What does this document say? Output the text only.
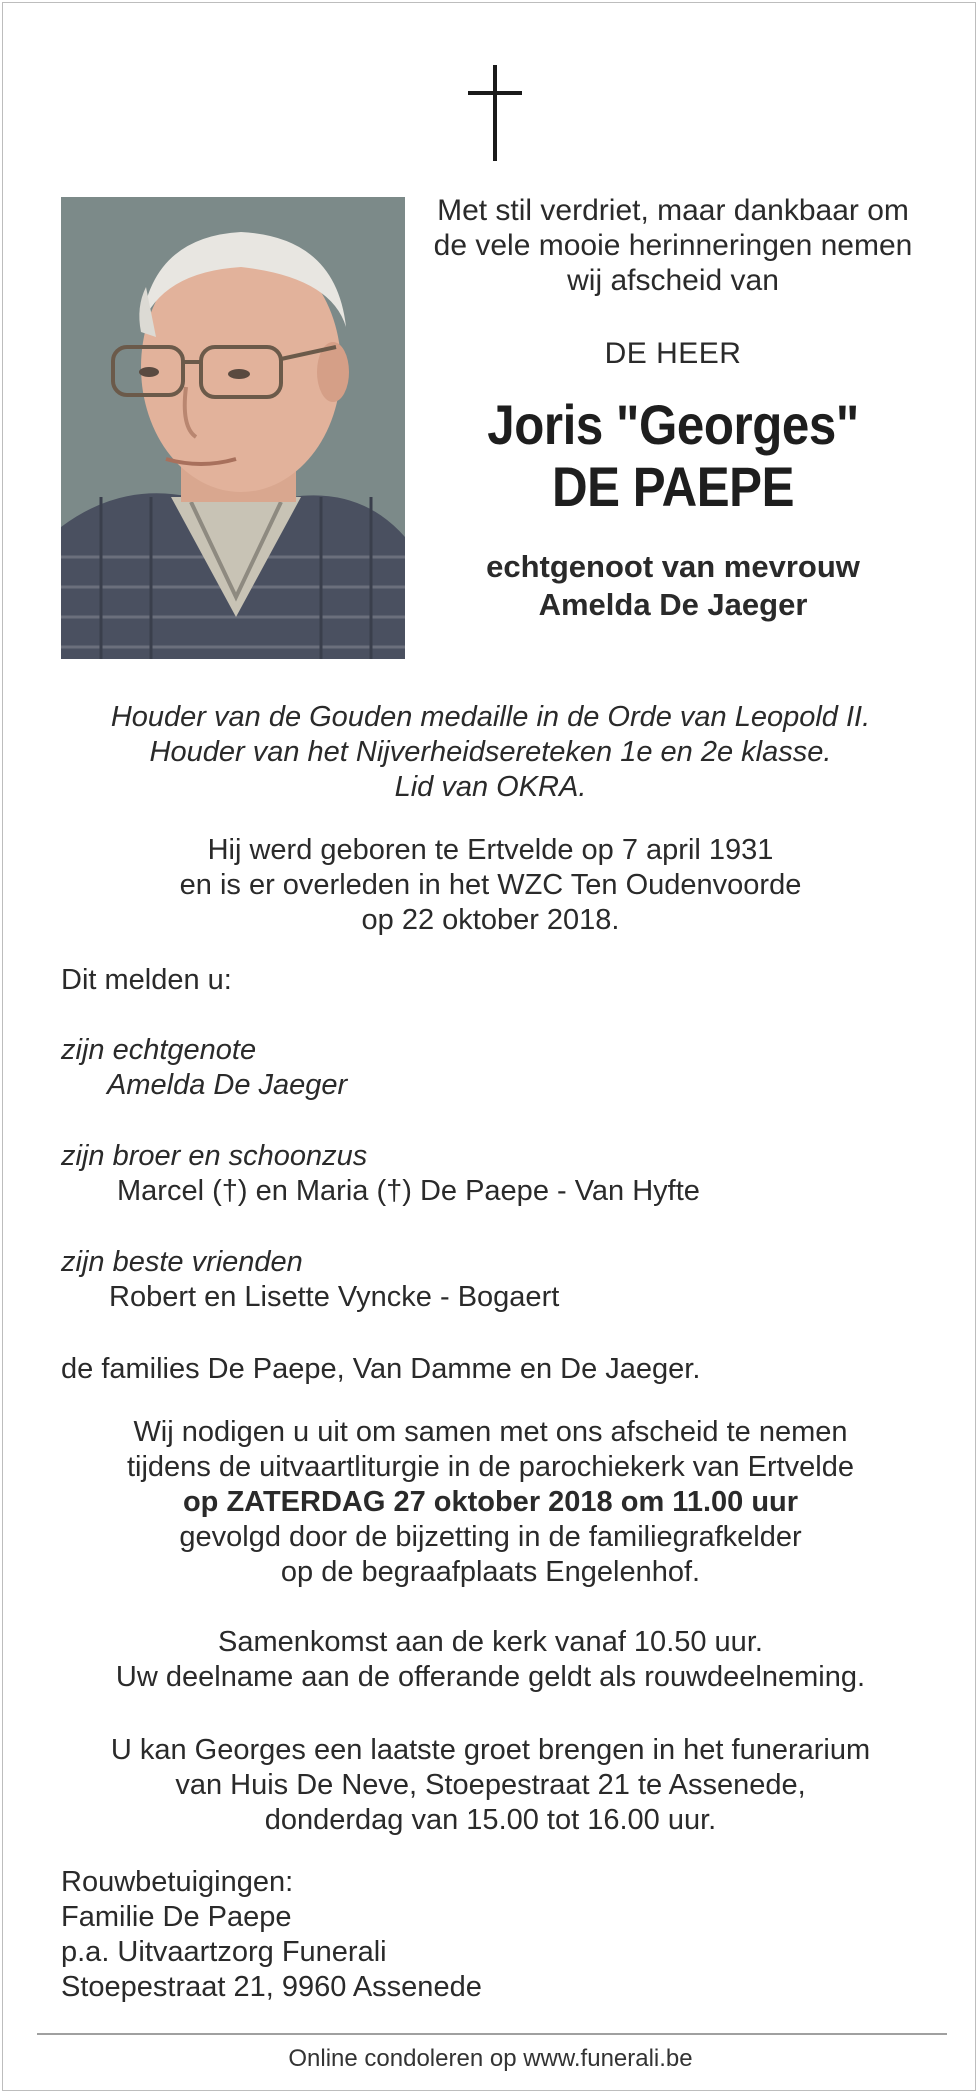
Met stil verdriet, maar dankbaar om

de vele mooie herinneringen nemen

wij afscheid van

DE HEER

Joris "Georges"
DE PAEPE
echtgenoot van mevrouw
Amelda De Jaeger

Houder van de Gouden medaille in de Orde van Leopold II.

Houder van het Nijverheidsereteken 1e en 2e klasse.

Lid van OKRA.

Hij werd geboren te Ertvelde op 7 april 1931

en is er overleden in het WZC Ten Oudenvoorde

op 22 oktober 2018.

Dit melden u:

zijn echtgenote

Amelda De Jaeger

zijn broer en schoonzus

Marcel (†) en Maria (†) De Paepe - Van Hyfte

zijn beste vrienden

Robert en Lisette Vyncke - Bogaert

de families De Paepe, Van Damme en De Jaeger.

Wij nodigen u uit om samen met ons afscheid te nemen

tijdens de uitvaartliturgie in de parochiekerk van Ertvelde

op ZATERDAG 27 oktober 2018 om 11.00 uur

gevolgd door de bijzetting in de familiegrafkelder

op de begraafplaats Engelenhof.

Samenkomst aan de kerk vanaf 10.50 uur.

Uw deelname aan de offerande geldt als rouwdeelneming.

U kan Georges een laatste groet brengen in het funerarium

van Huis De Neve, Stoepestraat 21 te Assenede,

donderdag van 15.00 tot 16.00 uur.

Rouwbetuigingen:

Familie De Paepe

p.a. Uitvaartzorg Funerali

Stoepestraat 21, 9960 Assenede

Online condoleren op www.funerali.be
